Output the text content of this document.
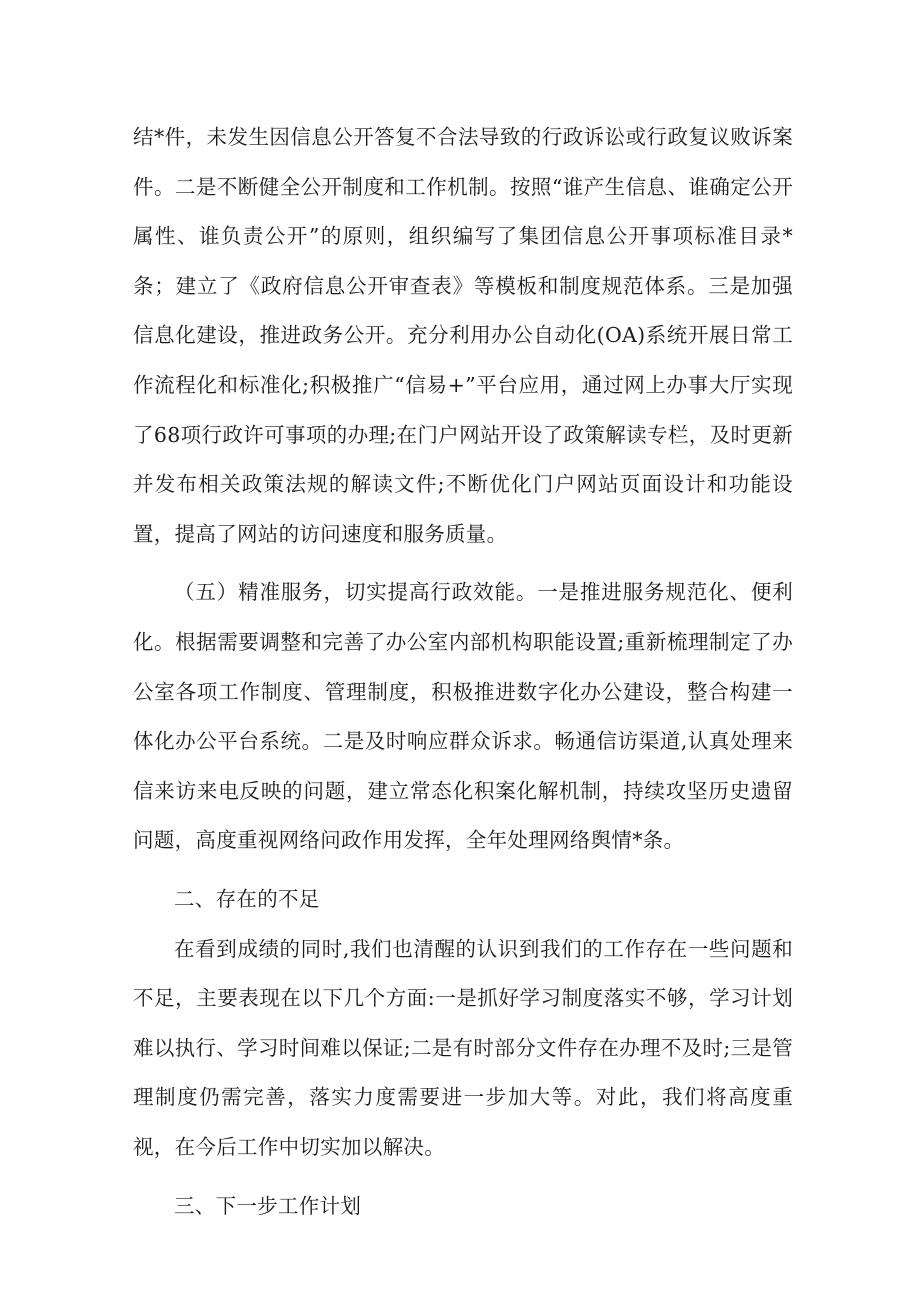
结*件，未发生因信息公开答复不合法导致的行政诉讼或行政复议败诉案件。二是不断健全公开制度和工作机制。按照“谁产生信息、谁确定公开属性、谁负责公开”的原则，组织编写了集团信息公开事项标准目录*条；建立了《政府信息公开审查表》等模板和制度规范体系。三是加强信息化建设，推进政务公开。充分利用办公自动化(OA)系统开展日常工作流程化和标准化;积极推广“信易+”平台应用，通过网上办事大厅实现了68项行政许可事项的办理;在门户网站开设了政策解读专栏，及时更新并发布相关政策法规的解读文件;不断优化门户网站页面设计和功能设置，提高了网站的访问速度和服务质量。

（五）精准服务，切实提高行政效能。一是推进服务规范化、便利化。根据需要调整和完善了办公室内部机构职能设置;重新梳理制定了办公室各项工作制度、管理制度，积极推进数字化办公建设，整合构建一体化办公平台系统。二是及时响应群众诉求。畅通信访渠道,认真处理来信来访来电反映的问题，建立常态化积案化解机制，持续攻坚历史遗留问题，高度重视网络问政作用发挥，全年处理网络舆情*条。

二、存在的不足

在看到成绩的同时,我们也清醒的认识到我们的工作存在一些问题和不足，主要表现在以下几个方面:一是抓好学习制度落实不够，学习计划难以执行、学习时间难以保证;二是有时部分文件存在办理不及时;三是管理制度仍需完善，落实力度需要进一步加大等。对此，我们将高度重视，在今后工作中切实加以解决。

三、下一步工作计划
